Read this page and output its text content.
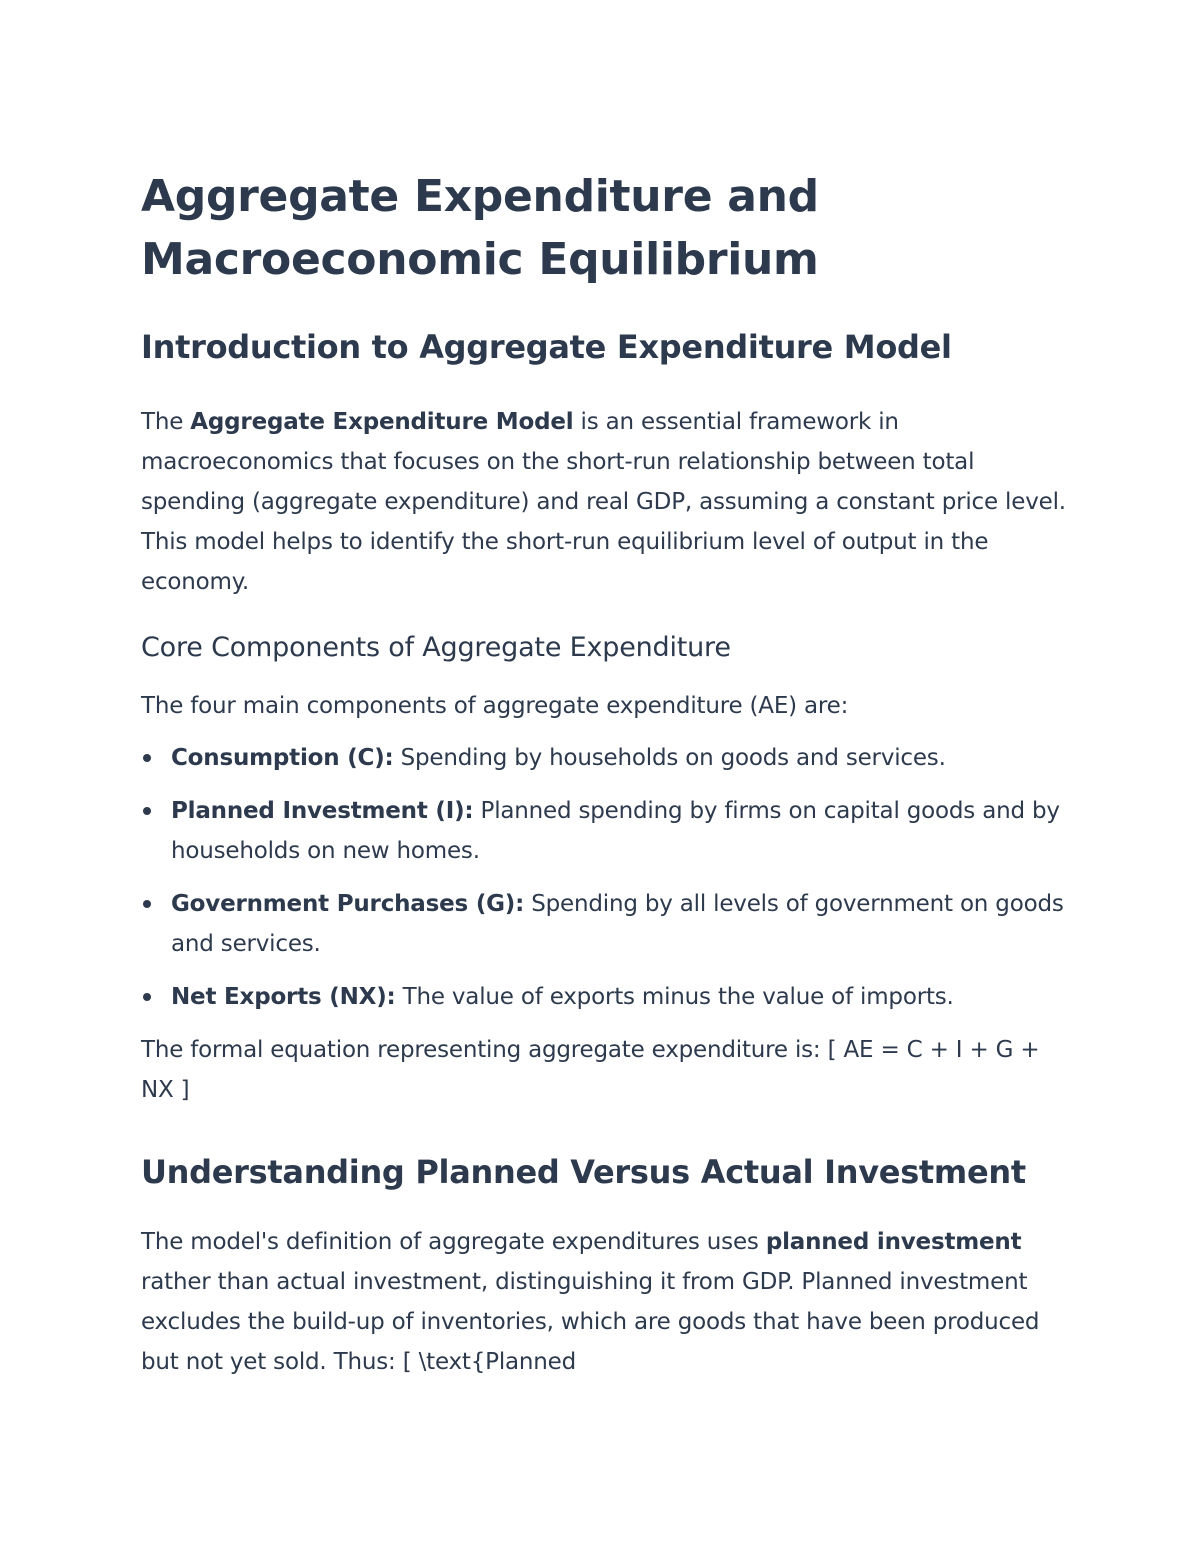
Aggregate Expenditure and Macroeconomic Equilibrium
Introduction to Aggregate Expenditure Model

The Aggregate Expenditure Model is an essential framework in macroeconomics that focuses on the short-run relationship between total spending (aggregate expenditure) and real GDP, assuming a constant price level. This model helps to identify the short-run equilibrium level of output in the economy.

Core Components of Aggregate Expenditure

The four main components of aggregate expenditure (AE) are:

Consumption (C): Spending by households on goods and services.
Planned Investment (I): Planned spending by firms on capital goods and by households on new homes.
Government Purchases (G): Spending by all levels of government on goods and services.
Net Exports (NX): The value of exports minus the value of imports.

The formal equation representing aggregate expenditure is: [ AE = C + I + G + NX ]

Understanding Planned Versus Actual Investment

The model's definition of aggregate expenditures uses planned investment rather than actual investment, distinguishing it from GDP. Planned investment excludes the build-up of inventories, which are goods that have been produced but not yet sold. Thus: [ \text{Planned
